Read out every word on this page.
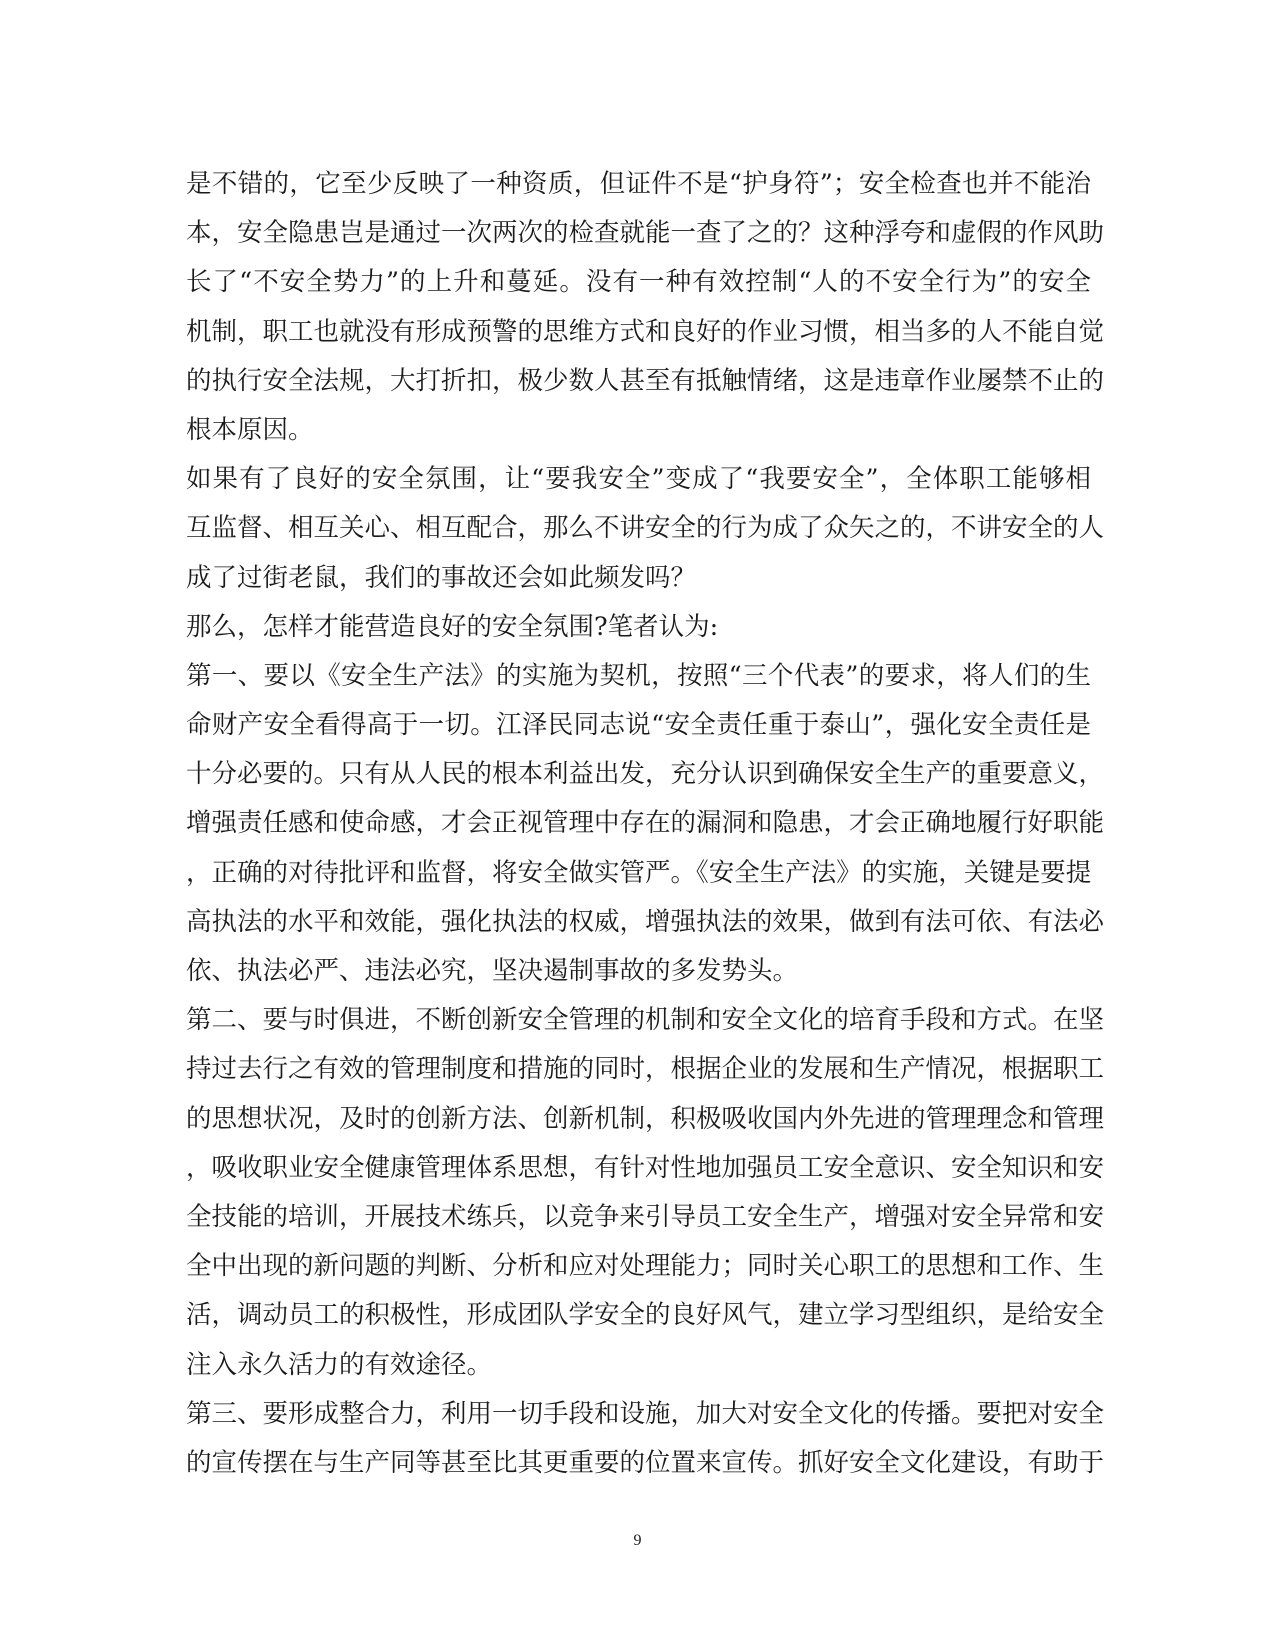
是不错的，它至少反映了一种资质，但证件不是“护身符”；安全检查也并不能治
本，安全隐患岂是通过一次两次的检查就能一查了之的？这种浮夸和虚假的作风助
长了“不安全势力”的上升和蔓延。没有一种有效控制“人的不安全行为”的安全
机制，职工也就没有形成预警的思维方式和良好的作业习惯，相当多的人不能自觉
的执行安全法规，大打折扣，极少数人甚至有抵触情绪，这是违章作业屡禁不止的
根本原因。
如果有了良好的安全氛围，让“要我安全”变成了“我要安全”，全体职工能够相
互监督、相互关心、相互配合，那么不讲安全的行为成了众矢之的，不讲安全的人
成了过街老鼠，我们的事故还会如此频发吗？
那么，怎样才能营造良好的安全氛围?笔者认为:
第一、要以《安全生产法》的实施为契机，按照“三个代表”的要求，将人们的生
命财产安全看得高于一切。江泽民同志说“安全责任重于泰山”，强化安全责任是
十分必要的。只有从人民的根本利益出发，充分认识到确保安全生产的重要意义，
增强责任感和使命感，才会正视管理中存在的漏洞和隐患，才会正确地履行好职能
，正确的对待批评和监督，将安全做实管严。《安全生产法》的实施，关键是要提
高执法的水平和效能，强化执法的权威，增强执法的效果，做到有法可依、有法必
依、执法必严、违法必究，坚决遏制事故的多发势头。
第二、要与时俱进，不断创新安全管理的机制和安全文化的培育手段和方式。在坚
持过去行之有效的管理制度和措施的同时，根据企业的发展和生产情况，根据职工
的思想状况，及时的创新方法、创新机制，积极吸收国内外先进的管理理念和管理
，吸收职业安全健康管理体系思想，有针对性地加强员工安全意识、安全知识和安
全技能的培训，开展技术练兵，以竞争来引导员工安全生产，增强对安全异常和安
全中出现的新问题的判断、分析和应对处理能力；同时关心职工的思想和工作、生
活，调动员工的积极性，形成团队学安全的良好风气，建立学习型组织，是给安全
注入永久活力的有效途径。
第三、要形成整合力，利用一切手段和设施，加大对安全文化的传播。要把对安全
的宣传摆在与生产同等甚至比其更重要的位置来宣传。抓好安全文化建设，有助于
9
